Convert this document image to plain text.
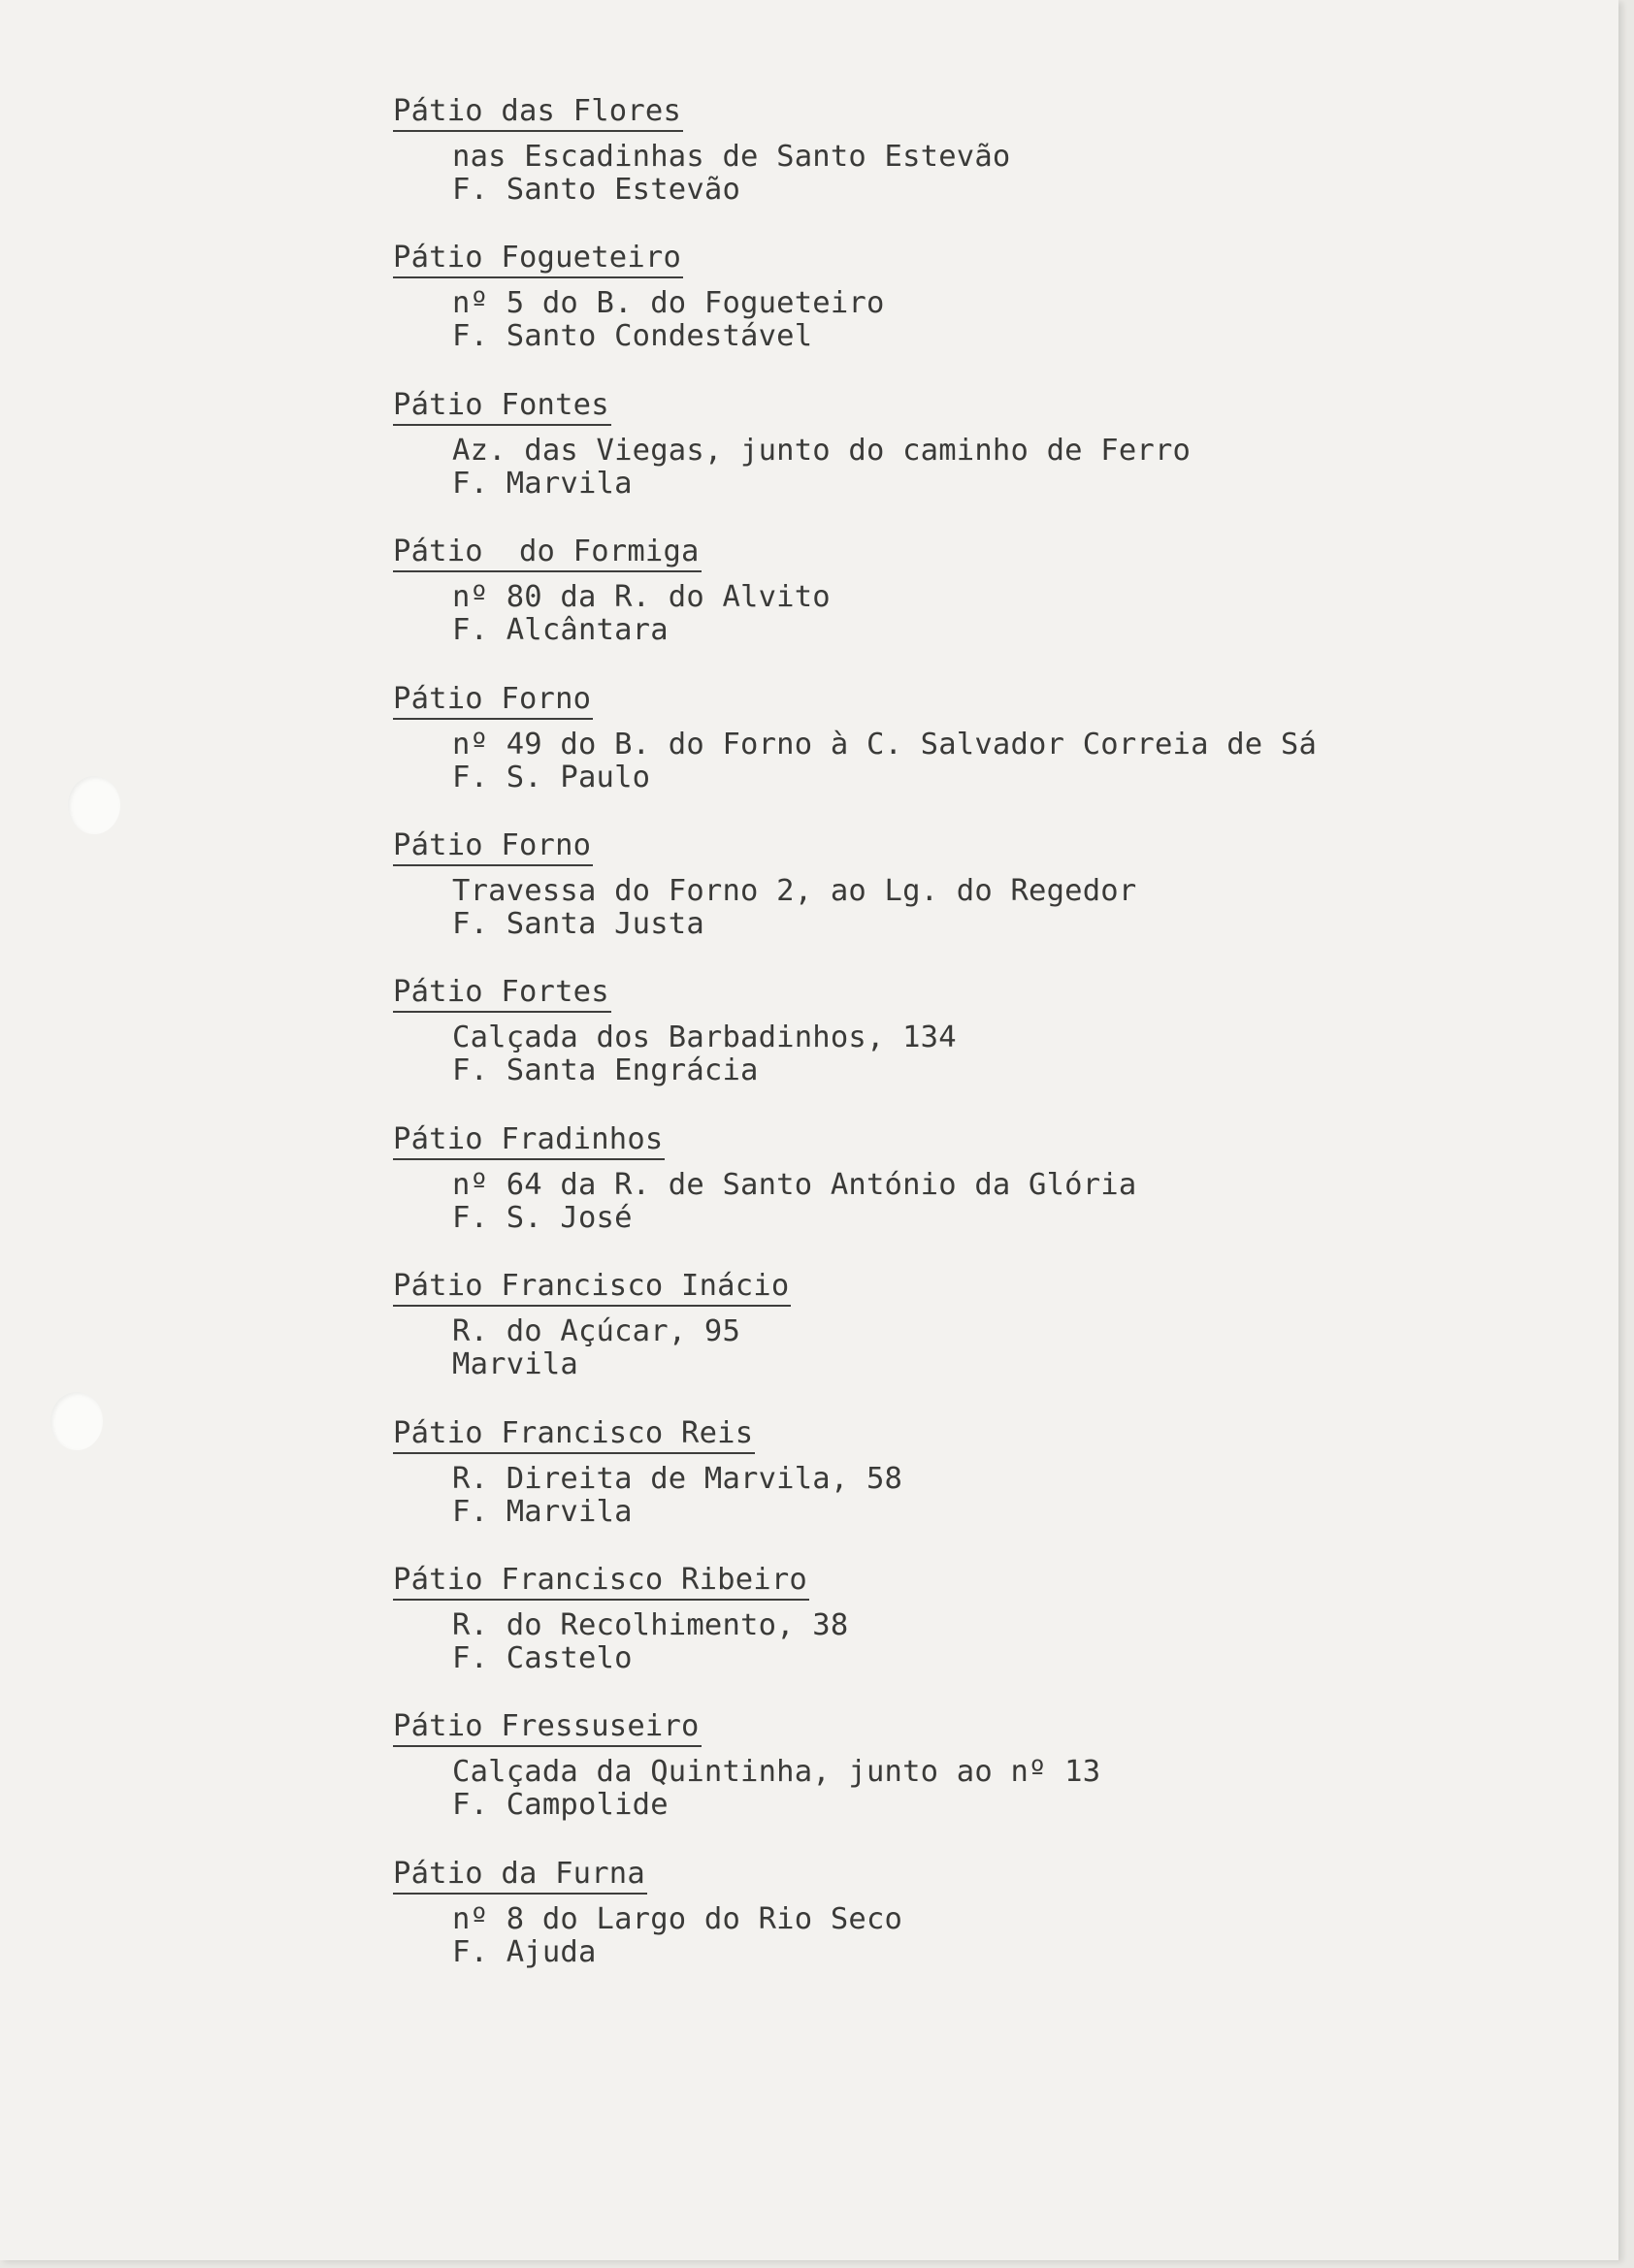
Pátio das Flores
nas Escadinhas de Santo Estevão
F. Santo Estevão
Pátio Fogueteiro
nº 5 do B. do Fogueteiro
F. Santo Condestável
Pátio Fontes
Az. das Viegas, junto do caminho de Ferro
F. Marvila
Pátio  do Formiga
nº 80 da R. do Alvito
F. Alcântara
Pátio Forno
nº 49 do B. do Forno à C. Salvador Correia de Sá
F. S. Paulo
Pátio Forno
Travessa do Forno 2, ao Lg. do Regedor
F. Santa Justa
Pátio Fortes
Calçada dos Barbadinhos, 134
F. Santa Engrácia
Pátio Fradinhos
nº 64 da R. de Santo António da Glória
F. S. José
Pátio Francisco Inácio
R. do Açúcar, 95
Marvila
Pátio Francisco Reis
R. Direita de Marvila, 58
F. Marvila
Pátio Francisco Ribeiro
R. do Recolhimento, 38
F. Castelo
Pátio Fressuseiro
Calçada da Quintinha, junto ao nº 13
F. Campolide
Pátio da Furna
nº 8 do Largo do Rio Seco
F. Ajuda
